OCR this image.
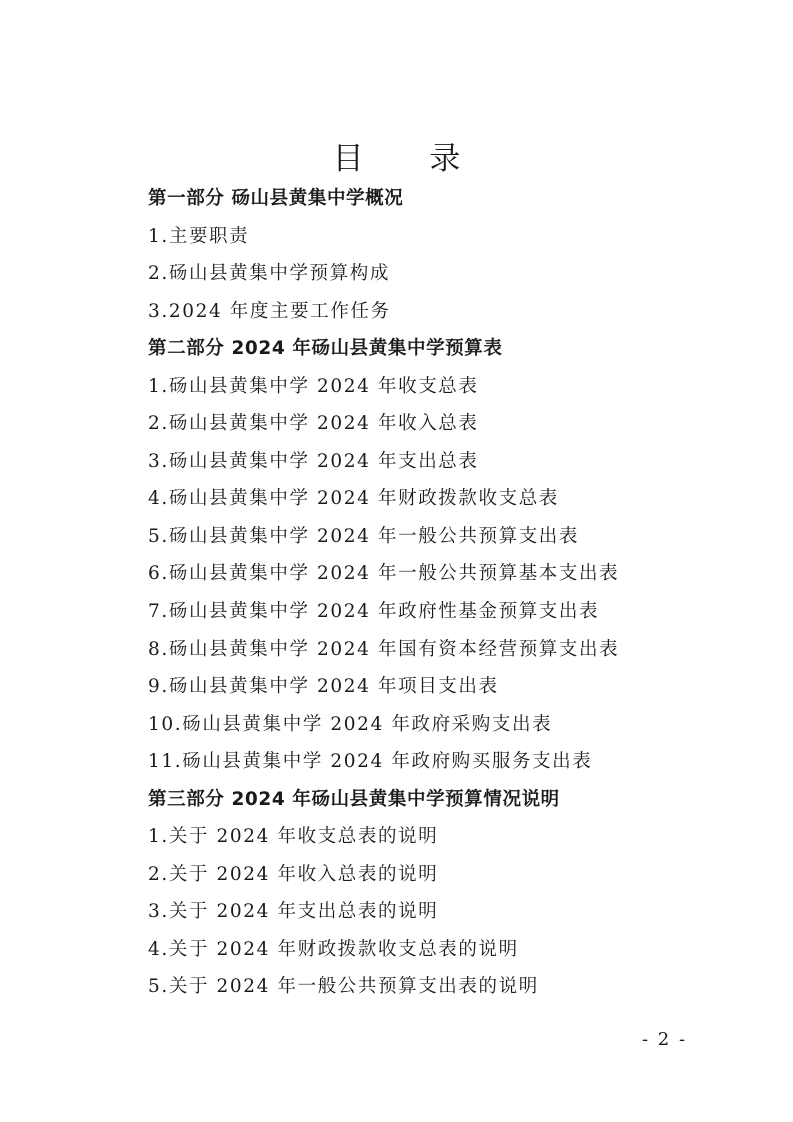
目 录
第一部分 砀山县黄集中学概况
1.主要职责
2.砀山县黄集中学预算构成
3.2024 年度主要工作任务
第二部分 2024 年砀山县黄集中学预算表
1.砀山县黄集中学 2024 年收支总表
2.砀山县黄集中学 2024 年收入总表
3.砀山县黄集中学 2024 年支出总表
4.砀山县黄集中学 2024 年财政拨款收支总表
5.砀山县黄集中学 2024 年一般公共预算支出表
6.砀山县黄集中学 2024 年一般公共预算基本支出表
7.砀山县黄集中学 2024 年政府性基金预算支出表
8.砀山县黄集中学 2024 年国有资本经营预算支出表
9.砀山县黄集中学 2024 年项目支出表
10.砀山县黄集中学 2024 年政府采购支出表
11.砀山县黄集中学 2024 年政府购买服务支出表
第三部分 2024 年砀山县黄集中学预算情况说明
1.关于 2024 年收支总表的说明
2.关于 2024 年收入总表的说明
3.关于 2024 年支出总表的说明
4.关于 2024 年财政拨款收支总表的说明
5.关于 2024 年一般公共预算支出表的说明
- 2 -
